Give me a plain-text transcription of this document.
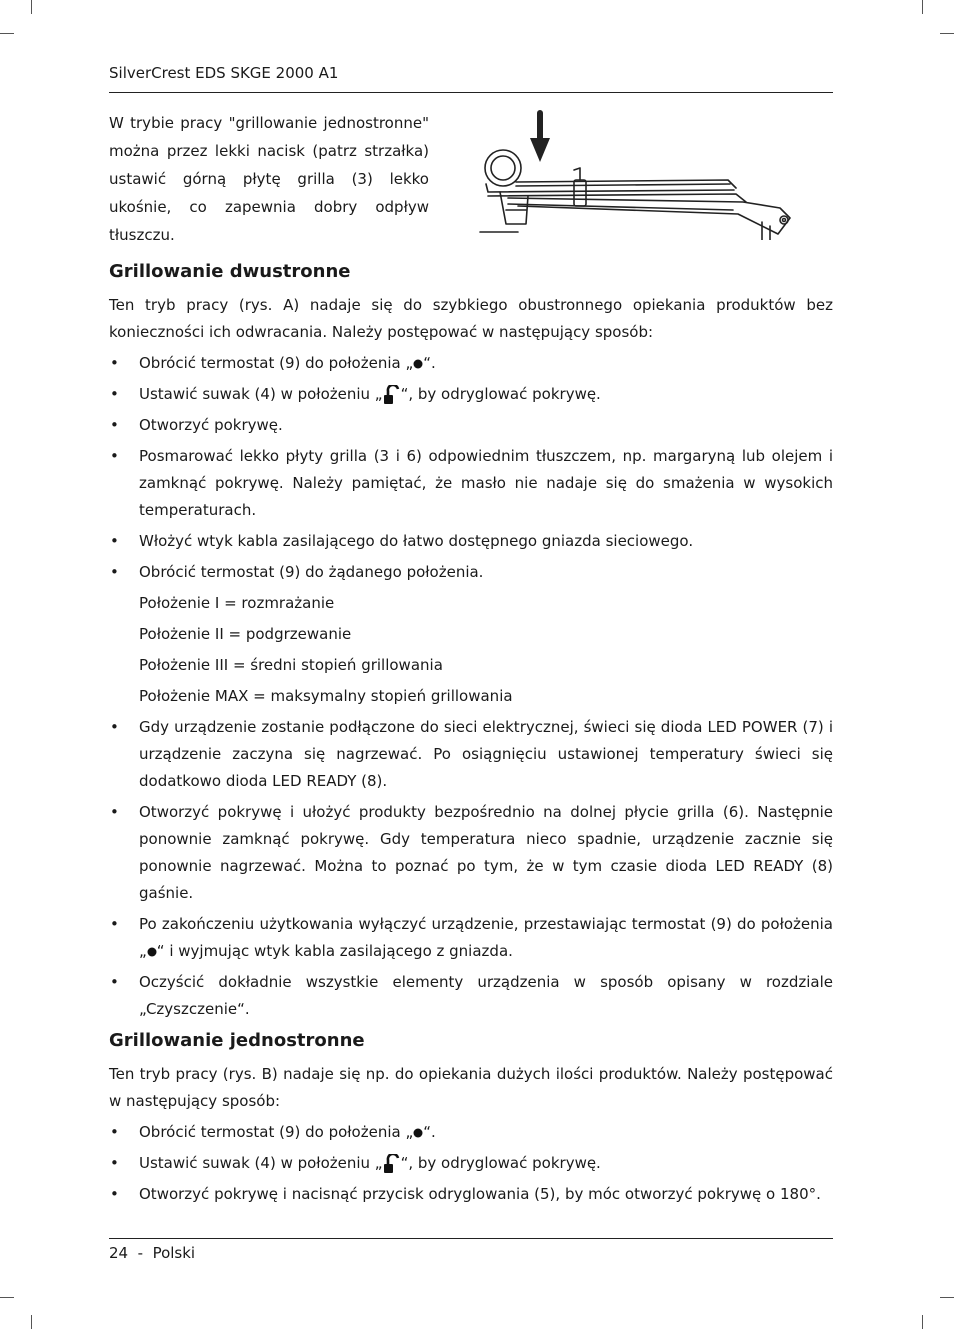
SilverCrest EDS SKGE 2000 A1
W trybie pracy "grillowanie jednostronne" można przez lekki nacisk (patrz strzałka) ustawić górną płytę grilla (3) lekko ukośnie, co zapewnia dobry odpływ tłuszczu.
Grillowanie dwustronne

Ten tryb pracy (rys. A) nadaje się do szybkiego obustronnego opiekania produktów bez konieczności ich odwracania. Należy postępować w następujący sposób:

• Obrócić termostat (9) do położenia „ “.
• Ustawić suwak (4) w położeniu „ “, by odryglować pokrywę.
• Otworzyć pokrywę.
• Posmarować lekko płyty grilla (3 i 6) odpowiednim tłuszczem, np. margaryną lub olejem i zamknąć pokrywę. Należy pamiętać, że masło nie nadaje się do smażenia w wysokich temperaturach.
• Włożyć wtyk kabla zasilającego do łatwo dostępnego gniazda sieciowego.
• Obrócić termostat (9) do żądanego położenia.
Położenie I = rozmrażanie
Położenie II = podgrzewanie
Położenie III = średni stopień grillowania
Położenie MAX = maksymalny stopień grillowania
• Gdy urządzenie zostanie podłączone do sieci elektrycznej, świeci się dioda LED POWER (7) i urządzenie zaczyna się nagrzewać. Po osiągnięciu ustawionej temperatury świeci się dodatkowo dioda LED READY (8).
• Otworzyć pokrywę i ułożyć produkty bezpośrednio na dolnej płycie grilla (6). Następnie ponownie zamknąć pokrywę. Gdy temperatura nieco spadnie, urządzenie zacznie się ponownie nagrzewać. Można to poznać po tym, że w tym czasie dioda LED READY (8) gaśnie.
• Po zakończeniu użytkowania wyłączyć urządzenie, przestawiając termostat (9) do położenia „ “ i wyjmując wtyk kabla zasilającego z gniazda.
• Oczyścić dokładnie wszystkie elementy urządzenia w sposób opisany w rozdziale „Czyszczenie“.
Grillowanie jednostronne

Ten tryb pracy (rys. B) nadaje się np. do opiekania dużych ilości produktów. Należy postępować w następujący sposób:

• Obrócić termostat (9) do położenia „ “.
• Ustawić suwak (4) w położeniu „ “, by odryglować pokrywę.
• Otworzyć pokrywę i nacisnąć przycisk odryglowania (5), by móc otworzyć pokrywę o 180°.
24  -  Polski
